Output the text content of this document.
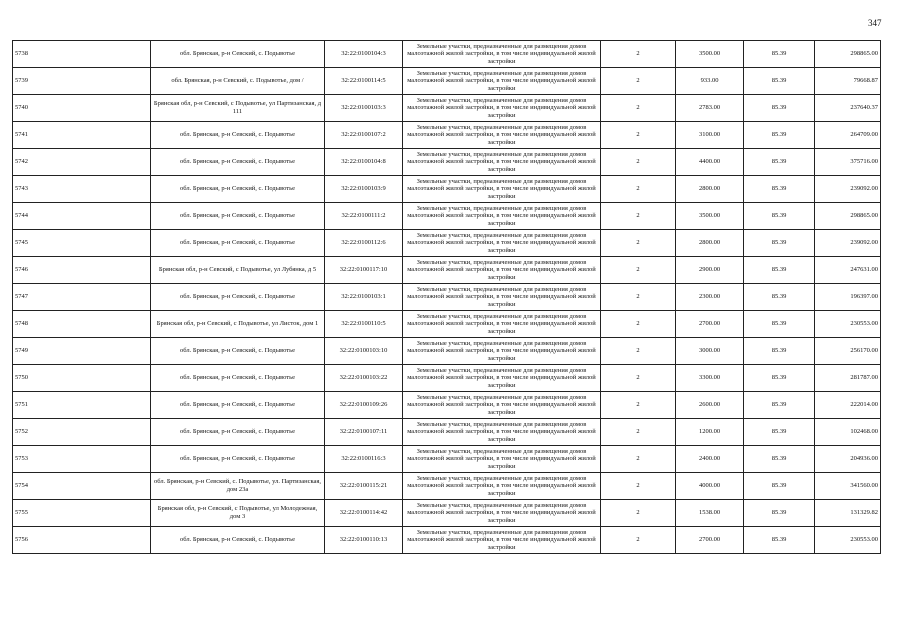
347
5738	обл. Брянская, р-н Севский, с. Подывотье	32:22:0100104:3	Земельные участки, предназначенные для размещения домов малоэтажной жилой застройки, в том числе индивидуальной жилой застройки	2	3500.00	85.39	298865.00
5739	обл. Брянская, р-н Севский, с. Подывотье, дом /	32:22:0100114:5	Земельные участки, предназначенные для размещения домов малоэтажной жилой застройки, в том числе индивидуальной жилой застройки	2	933.00	85.39	79668.87
5740	Брянская обл, р-н Севский, с Подывотье, ул Партизанская, д 111	32:22:0100103:3	Земельные участки, предназначенные для размещения домов малоэтажной жилой застройки, в том числе индивидуальной жилой застройки	2	2783.00	85.39	237640.37
5741	обл. Брянская, р-н Севский, с. Подывотье	32:22:0100107:2	Земельные участки, предназначенные для размещения домов малоэтажной жилой застройки, в том числе индивидуальной жилой застройки	2	3100.00	85.39	264709.00
5742	обл. Брянская, р-н Севский, с. Подывотье	32:22:0100104:8	Земельные участки, предназначенные для размещения домов малоэтажной жилой застройки, в том числе индивидуальной жилой застройки	2	4400.00	85.39	375716.00
5743	обл. Брянская, р-н Севский, с. Подывотье	32:22:0100103:9	Земельные участки, предназначенные для размещения домов малоэтажной жилой застройки, в том числе индивидуальной жилой застройки	2	2800.00	85.39	239092.00
5744	обл. Брянская, р-н Севский, с. Подывотье	32:22:0100111:2	Земельные участки, предназначенные для размещения домов малоэтажной жилой застройки, в том числе индивидуальной жилой застройки	2	3500.00	85.39	298865.00
5745	обл. Брянская, р-н Севский, с. Подывотье	32:22:0100112:6	Земельные участки, предназначенные для размещения домов малоэтажной жилой застройки, в том числе индивидуальной жилой застройки	2	2800.00	85.39	239092.00
5746	Брянская обл, р-н Севский, с Подывотье, ул Лубянка, д 5	32:22:0100117:10	Земельные участки, предназначенные для размещения домов малоэтажной жилой застройки, в том числе индивидуальной жилой застройки	2	2900.00	85.39	247631.00
5747	обл. Брянская, р-н Севский, с. Подывотье	32:22:0100103:1	Земельные участки, предназначенные для размещения домов малоэтажной жилой застройки, в том числе индивидуальной жилой застройки	2	2300.00	85.39	196397.00
5748	Брянская обл, р-н Севский, с Подывотье, ул Листок, дом 1	32:22:0100110:5	Земельные участки, предназначенные для размещения домов малоэтажной жилой застройки, в том числе индивидуальной жилой застройки	2	2700.00	85.39	230553.00
5749	обл. Брянская, р-н Севский, с. Подывотье	32:22:0100103:10	Земельные участки, предназначенные для размещения домов малоэтажной жилой застройки, в том числе индивидуальной жилой застройки	2	3000.00	85.39	256170.00
5750	обл. Брянская, р-н Севский, с. Подывотье	32:22:0100103:22	Земельные участки, предназначенные для размещения домов малоэтажной жилой застройки, в том числе индивидуальной жилой застройки	2	3300.00	85.39	281787.00
5751	обл. Брянская, р-н Севский, с. Подывотье	32:22:0100109:26	Земельные участки, предназначенные для размещения домов малоэтажной жилой застройки, в том числе индивидуальной жилой застройки	2	2600.00	85.39	222014.00
5752	обл. Брянская, р-н Севский, с. Подывотье	32:22:0100107:11	Земельные участки, предназначенные для размещения домов малоэтажной жилой застройки, в том числе индивидуальной жилой застройки	2	1200.00	85.39	102468.00
5753	обл. Брянская, р-н Севский, с. Подывотье	32:22:0100116:3	Земельные участки, предназначенные для размещения домов малоэтажной жилой застройки, в том числе индивидуальной жилой застройки	2	2400.00	85.39	204936.00
5754	обл. Брянская, р-н Севский, с. Подывотье, ул. Партизанская, дом 23а	32:22:0100115:21	Земельные участки, предназначенные для размещения домов малоэтажной жилой застройки, в том числе индивидуальной жилой застройки	2	4000.00	85.39	341560.00
5755	Брянская обл, р-н Севский, с Подывотье, ул Молодежная, дом 3	32:22:0100114:42	Земельные участки, предназначенные для размещения домов малоэтажной жилой застройки, в том числе индивидуальной жилой застройки	2	1538.00	85.39	131329.82
5756	обл. Брянская, р-н Севский, с. Подывотье	32:22:0100110:13	Земельные участки, предназначенные для размещения домов малоэтажной жилой застройки, в том числе индивидуальной жилой застройки	2	2700.00	85.39	230553.00
